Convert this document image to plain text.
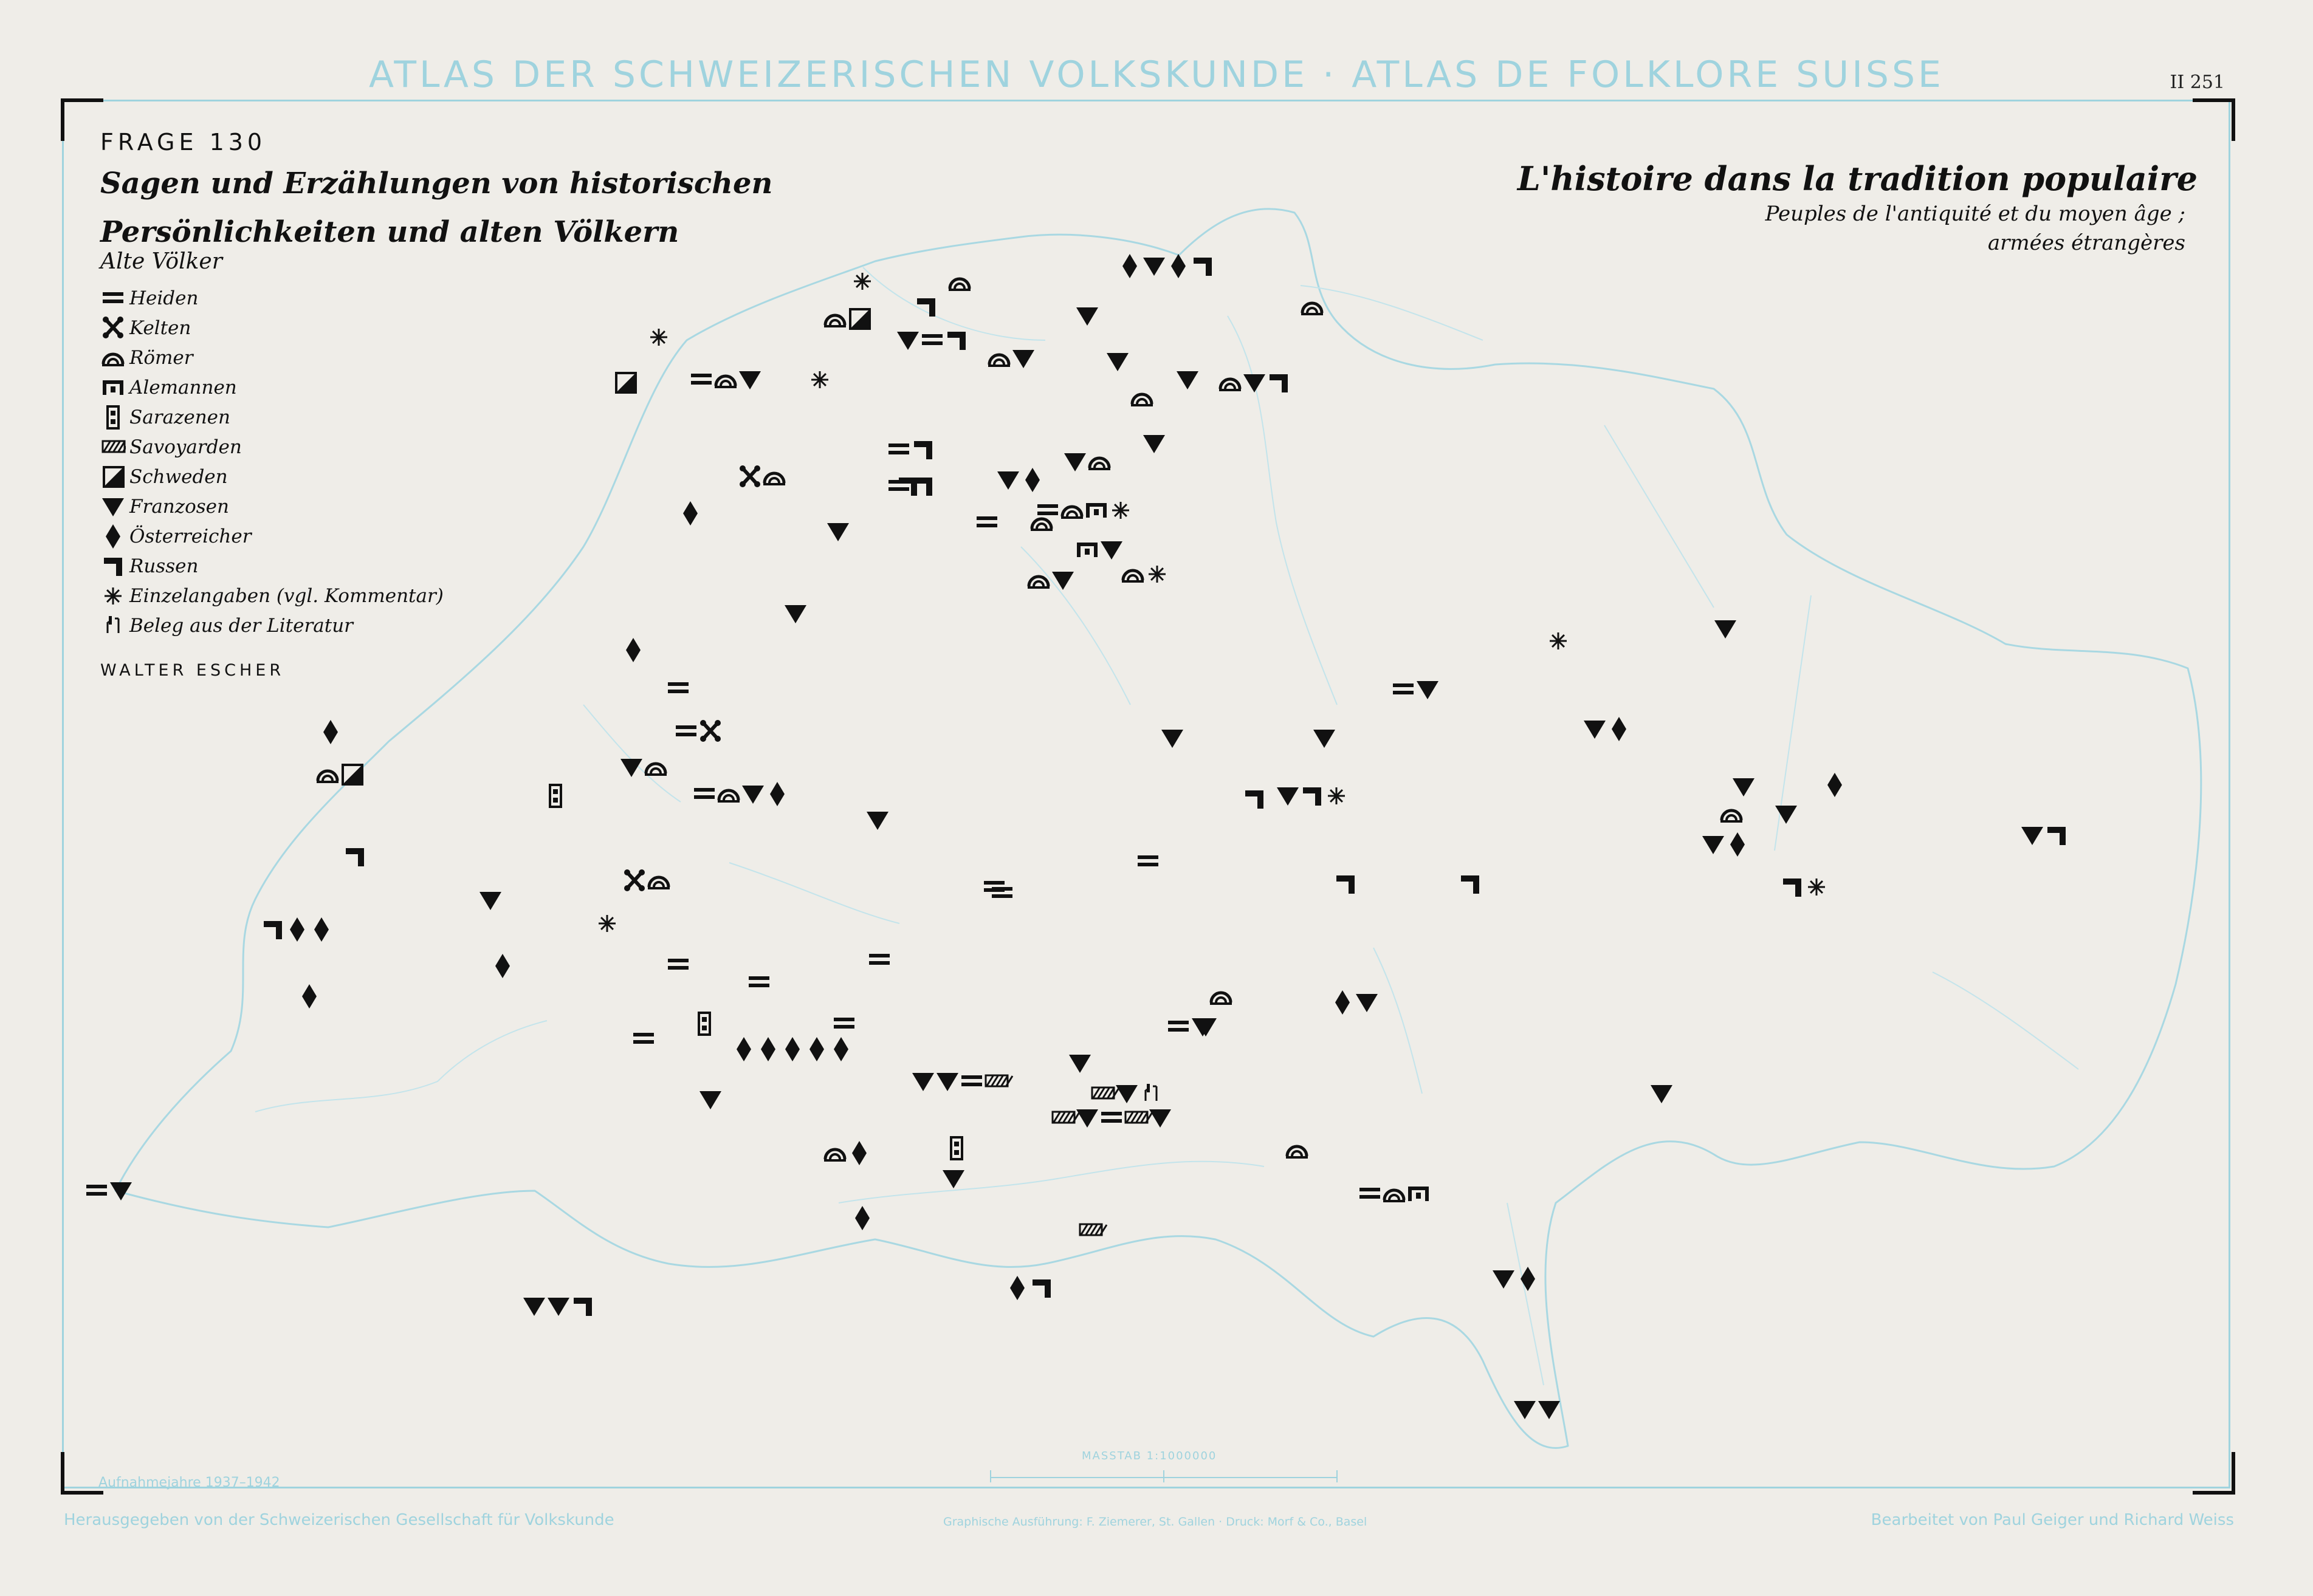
ATLAS DER SCHWEIZERISCHEN VOLKSKUNDE · ATLAS DE FOLKLORE SUISSE	II 251
FRAGE 130
Sagen und Erzählungen von historischen Persönlichkeiten und alten Völkern
Alte Völker
L'histoire dans la tradition populaire
Peuples de l'antiquité et du moyen âge ; armées étrangères
Heiden
Kelten
Römer
Alemannen
Sarazenen
Savoyarden
Schweden
Franzosen
Österreicher
Russen
Einzelangaben (vgl. Kommentar)
Beleg aus der Literatur
WALTER ESCHER
Aufnahmejahre 1937–1942
MASSTAB 1:1000000
Herausgegeben von der Schweizerischen Gesellschaft für Volkskunde	Graphische Ausführung: F. Ziemerer, St. Gallen · Druck: Morf & Co., Basel	Bearbeitet von Paul Geiger und Richard Weiss
